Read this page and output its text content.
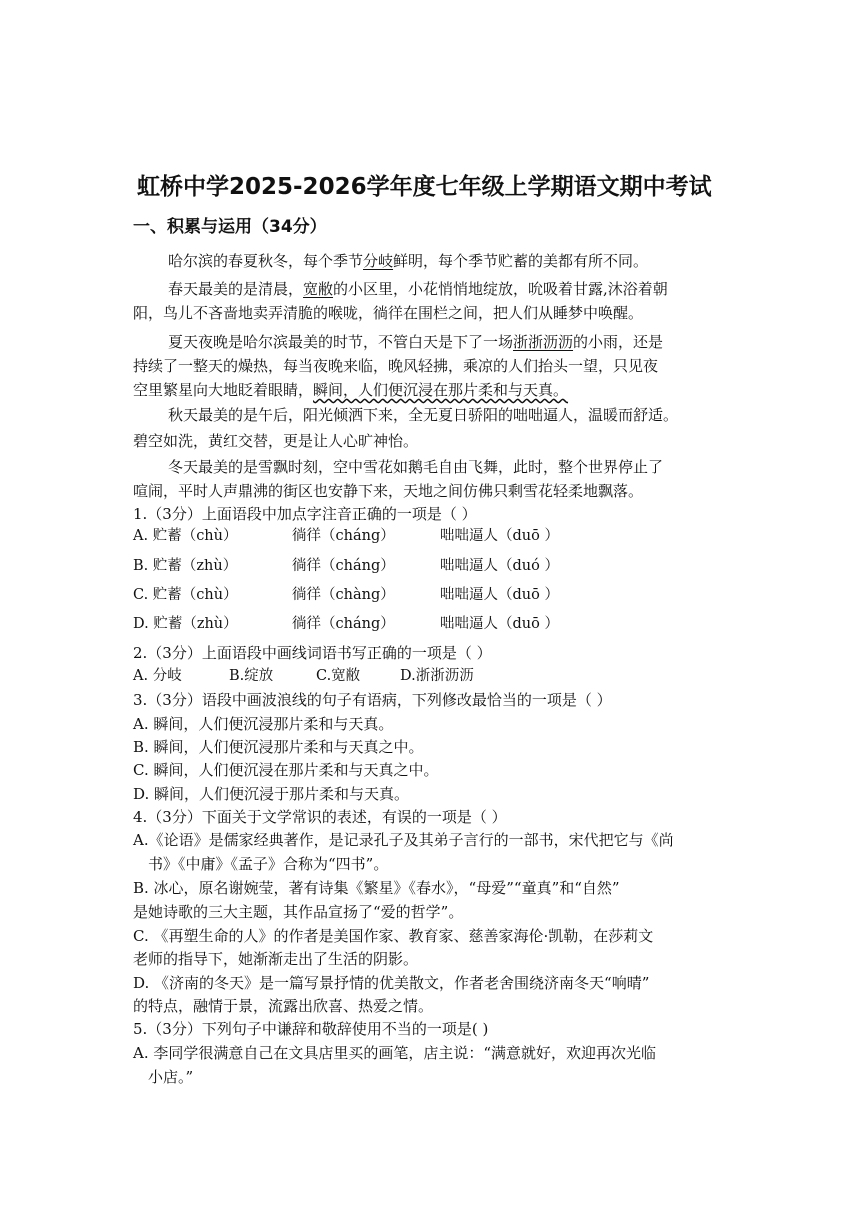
虹桥中学2025-2026学年度七年级上学期语文期中考试
一、积累与运用（34分）
哈尔滨的春夏秋冬，每个季节分岐鲜明，每个季节贮蓄的美都有所不同。
春天最美的是清晨，宽敝的小区里，小花悄悄地绽放，吮吸着甘露,沐浴着朝
阳，鸟儿不吝啬地卖弄清脆的喉咙，徜徉在围栏之间，把人们从睡梦中唤醒。
夏天夜晚是哈尔滨最美的时节，不管白天是下了一场浙浙沥沥的小雨，还是
持续了一整天的燥热，每当夜晚来临，晚风轻拂，乘凉的人们抬头一望，只见夜
空里繁星向大地眨着眼睛，瞬间，人们便沉浸在那片柔和与天真。
秋天最美的是午后，阳光倾洒下来，全无夏日骄阳的咄咄逼人，温暖而舒适。
碧空如洗，黄红交替，更是让人心旷神怡。
冬天最美的是雪飘时刻，空中雪花如鹅毛自由飞舞，此时，整个世界停止了
喧闹，平时人声鼎沸的街区也安静下来，天地之间仿佛只剩雪花轻柔地飘落。
1.（3分）上面语段中加点字注音正确的一项是（ ）
A. 贮蓄（chù）	徜徉（cháng）	咄咄逼人（duō ）
B. 贮蓄（zhù）	徜徉（cháng）	咄咄逼人（duó ）
C. 贮蓄（chù）	徜徉（chàng）	咄咄逼人（duō ）
D. 贮蓄（zhù）	徜徉（cháng）	咄咄逼人（duō ）
2.（3分）上面语段中画线词语书写正确的一项是（ ）
A. 分岐	B.绽放	C.宽敝	D.浙浙沥沥
3.（3分）语段中画波浪线的句子有语病，下列修改最恰当的一项是（ ）
A. 瞬间，人们便沉浸那片柔和与天真。
B. 瞬间，人们便沉浸那片柔和与天真之中。
C. 瞬间，人们便沉浸在那片柔和与天真之中。
D. 瞬间，人们便沉浸于那片柔和与天真。
4.（3分）下面关于文学常识的表述，有误的一项是（ ）
A.《论语》是儒家经典著作，是记录孔子及其弟子言行的一部书，宋代把它与《尚
书》《中庸》《孟子》合称为“四书”。
B. 冰心，原名谢婉莹，著有诗集《繁星》《春水》，“母爱”“童真”和“自然”
是她诗歌的三大主题，其作品宣扬了“爱的哲学”。
C. 《再塑生命的人》的作者是美国作家、教育家、慈善家海伦·凯勒，在莎莉文
老师的指导下，她渐渐走出了生活的阴影。
D. 《济南的冬天》是一篇写景抒情的优美散文，作者老舍围绕济南冬天“响晴”
的特点，融情于景，流露出欣喜、热爱之情。
5.（3分）下列句子中谦辞和敬辞使用不当的一项是( )
A. 李同学很满意自己在文具店里买的画笔，店主说：“满意就好，欢迎再次光临
小店。”
